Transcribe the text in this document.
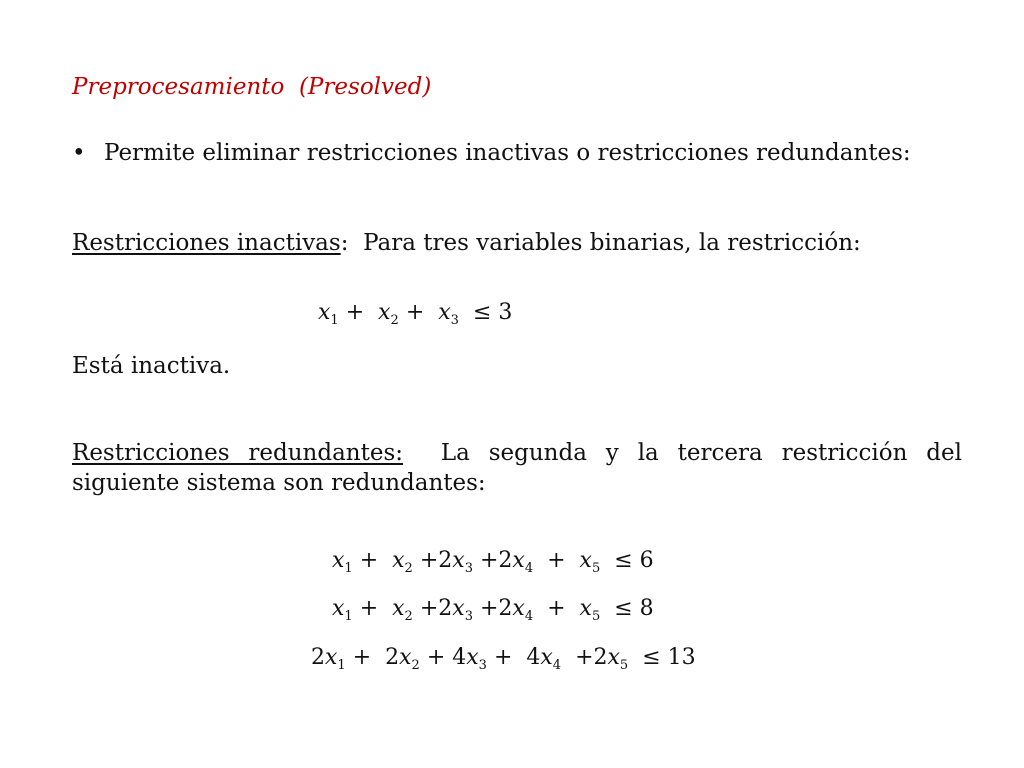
Preprocesamiento  (Presolved)
• Permite eliminar restricciones inactivas o restricciones redundantes:
Restricciones inactivas:  Para tres variables binarias, la restricción:
$x_1 + x_2 + x_3 \le 3$
Está inactiva.
Restricciones redundantes:  La segunda y la tercera restricción del siguiente sistema son redundantes:
$x_1 + x_2 +2x_3 +2x_4 + x_5 \le 6$
$x_1 + x_2 +2x_3 +2x_4 + x_5 \le 8$
$2x_1 + 2x_2 + 4x_3 + 4x_4 +2x_5 \le 13$
